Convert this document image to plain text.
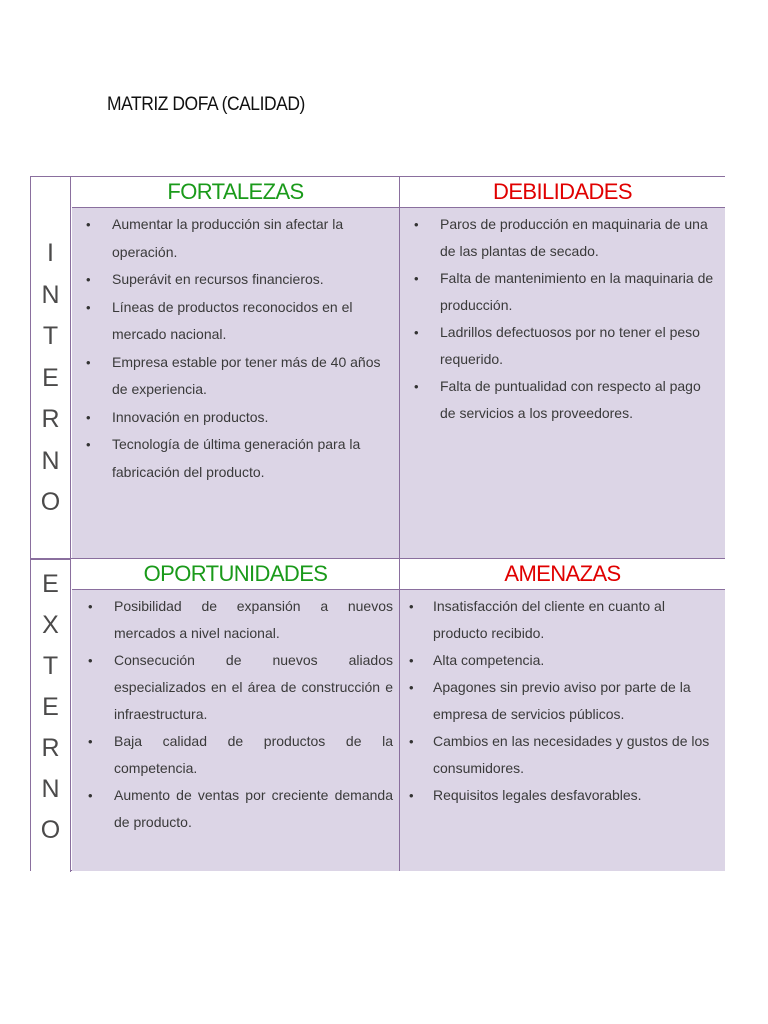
MATRIZ DOFA (CALIDAD)
I
N
T
E
R
N
O
E
X
T
E
R
N
O
FORTALEZAS	DEBILIDADES
OPORTUNIDADES	AMENAZAS
• Aumentar la producción sin afectar la operación.
• Superávit en recursos financieros.
• Líneas de productos reconocidos en el mercado nacional.
• Empresa estable por tener más de 40 años de experiencia.
• Innovación en productos.
• Tecnología de última generación para la fabricación del producto.
• Paros de producción en maquinaria de una de las plantas de secado.
• Falta de mantenimiento en la maquinaria de producción.
• Ladrillos defectuosos por no tener el peso requerido.
• Falta de puntualidad con respecto al pago de servicios a los proveedores.
• Posibilidad de expansión a nuevos mercados a nivel nacional.
• Consecución de nuevos aliados especializados en el área de construcción e infraestructura.
• Baja calidad de productos de la competencia.
• Aumento de ventas por creciente demanda de producto.
• Insatisfacción del cliente en cuanto al producto recibido.
• Alta competencia.
• Apagones sin previo aviso por parte de la empresa de servicios públicos.
• Cambios en las necesidades y gustos de los consumidores.
• Requisitos legales desfavorables.
